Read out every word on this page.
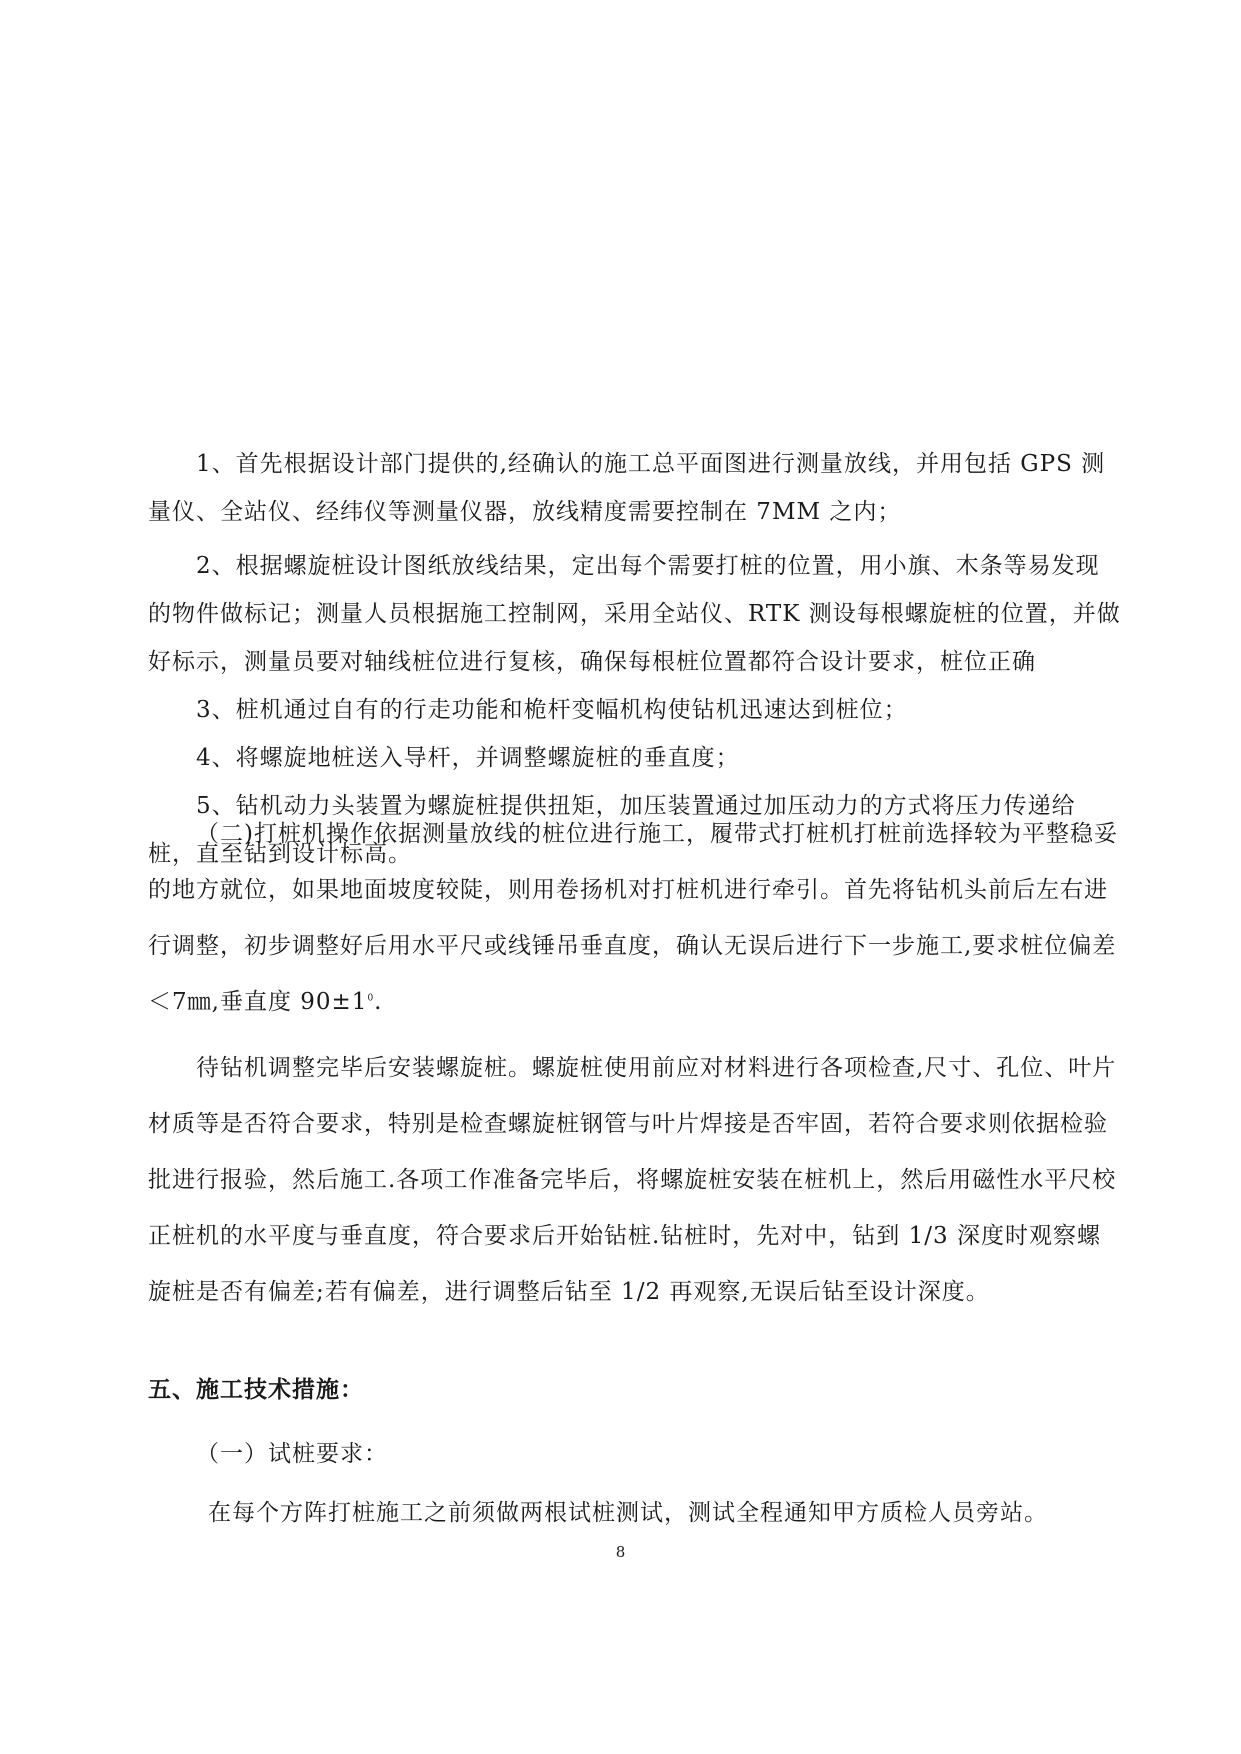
1、首先根据设计部门提供的,经确认的施工总平面图进行测量放线，并用包括 GPS 测量仪、全站仪、经纬仪等测量仪器，放线精度需要控制在 7MM 之内；

2、根据螺旋桩设计图纸放线结果，定出每个需要打桩的位置，用小旗、木条等易发现的物件做标记；测量人员根据施工控制网，采用全站仪、RTK 测设每根螺旋桩的位置，并做好标示，测量员要对轴线桩位进行复核，确保每根桩位置都符合设计要求，桩位正确

3、桩机通过自有的行走功能和桅杆变幅机构使钻机迅速达到桩位；

4、将螺旋地桩送入导杆，并调整螺旋桩的垂直度；

5、钻机动力头装置为螺旋桩提供扭矩，加压装置通过加压动力的方式将压力传递给桩，直至钻到设计标高。

（二)打桩机操作依据测量放线的桩位进行施工，履带式打桩机打桩前选择较为平整稳妥的地方就位，如果地面坡度较陡，则用卷扬机对打桩机进行牵引。首先将钻机头前后左右进行调整，初步调整好后用水平尺或线锤吊垂直度，确认无误后进行下一步施工,要求桩位偏差＜7㎜,垂直度 $90\pm 1^0$.

待钻机调整完毕后安装螺旋桩。螺旋桩使用前应对材料进行各项检查,尺寸、孔位、叶片材质等是否符合要求，特别是检查螺旋桩钢管与叶片焊接是否牢固，若符合要求则依据检验批进行报验，然后施工.各项工作准备完毕后，将螺旋桩安装在桩机上，然后用磁性水平尺校正桩机的水平度与垂直度，符合要求后开始钻桩.钻桩时，先对中，钻到 1/3 深度时观察螺旋桩是否有偏差;若有偏差，进行调整后钻至 1/2 再观察,无误后钻至设计深度。

五、施工技术措施：

（一）试桩要求：

在每个方阵打桩施工之前须做两根试桩测试，测试全程通知甲方质检人员旁站。

8
